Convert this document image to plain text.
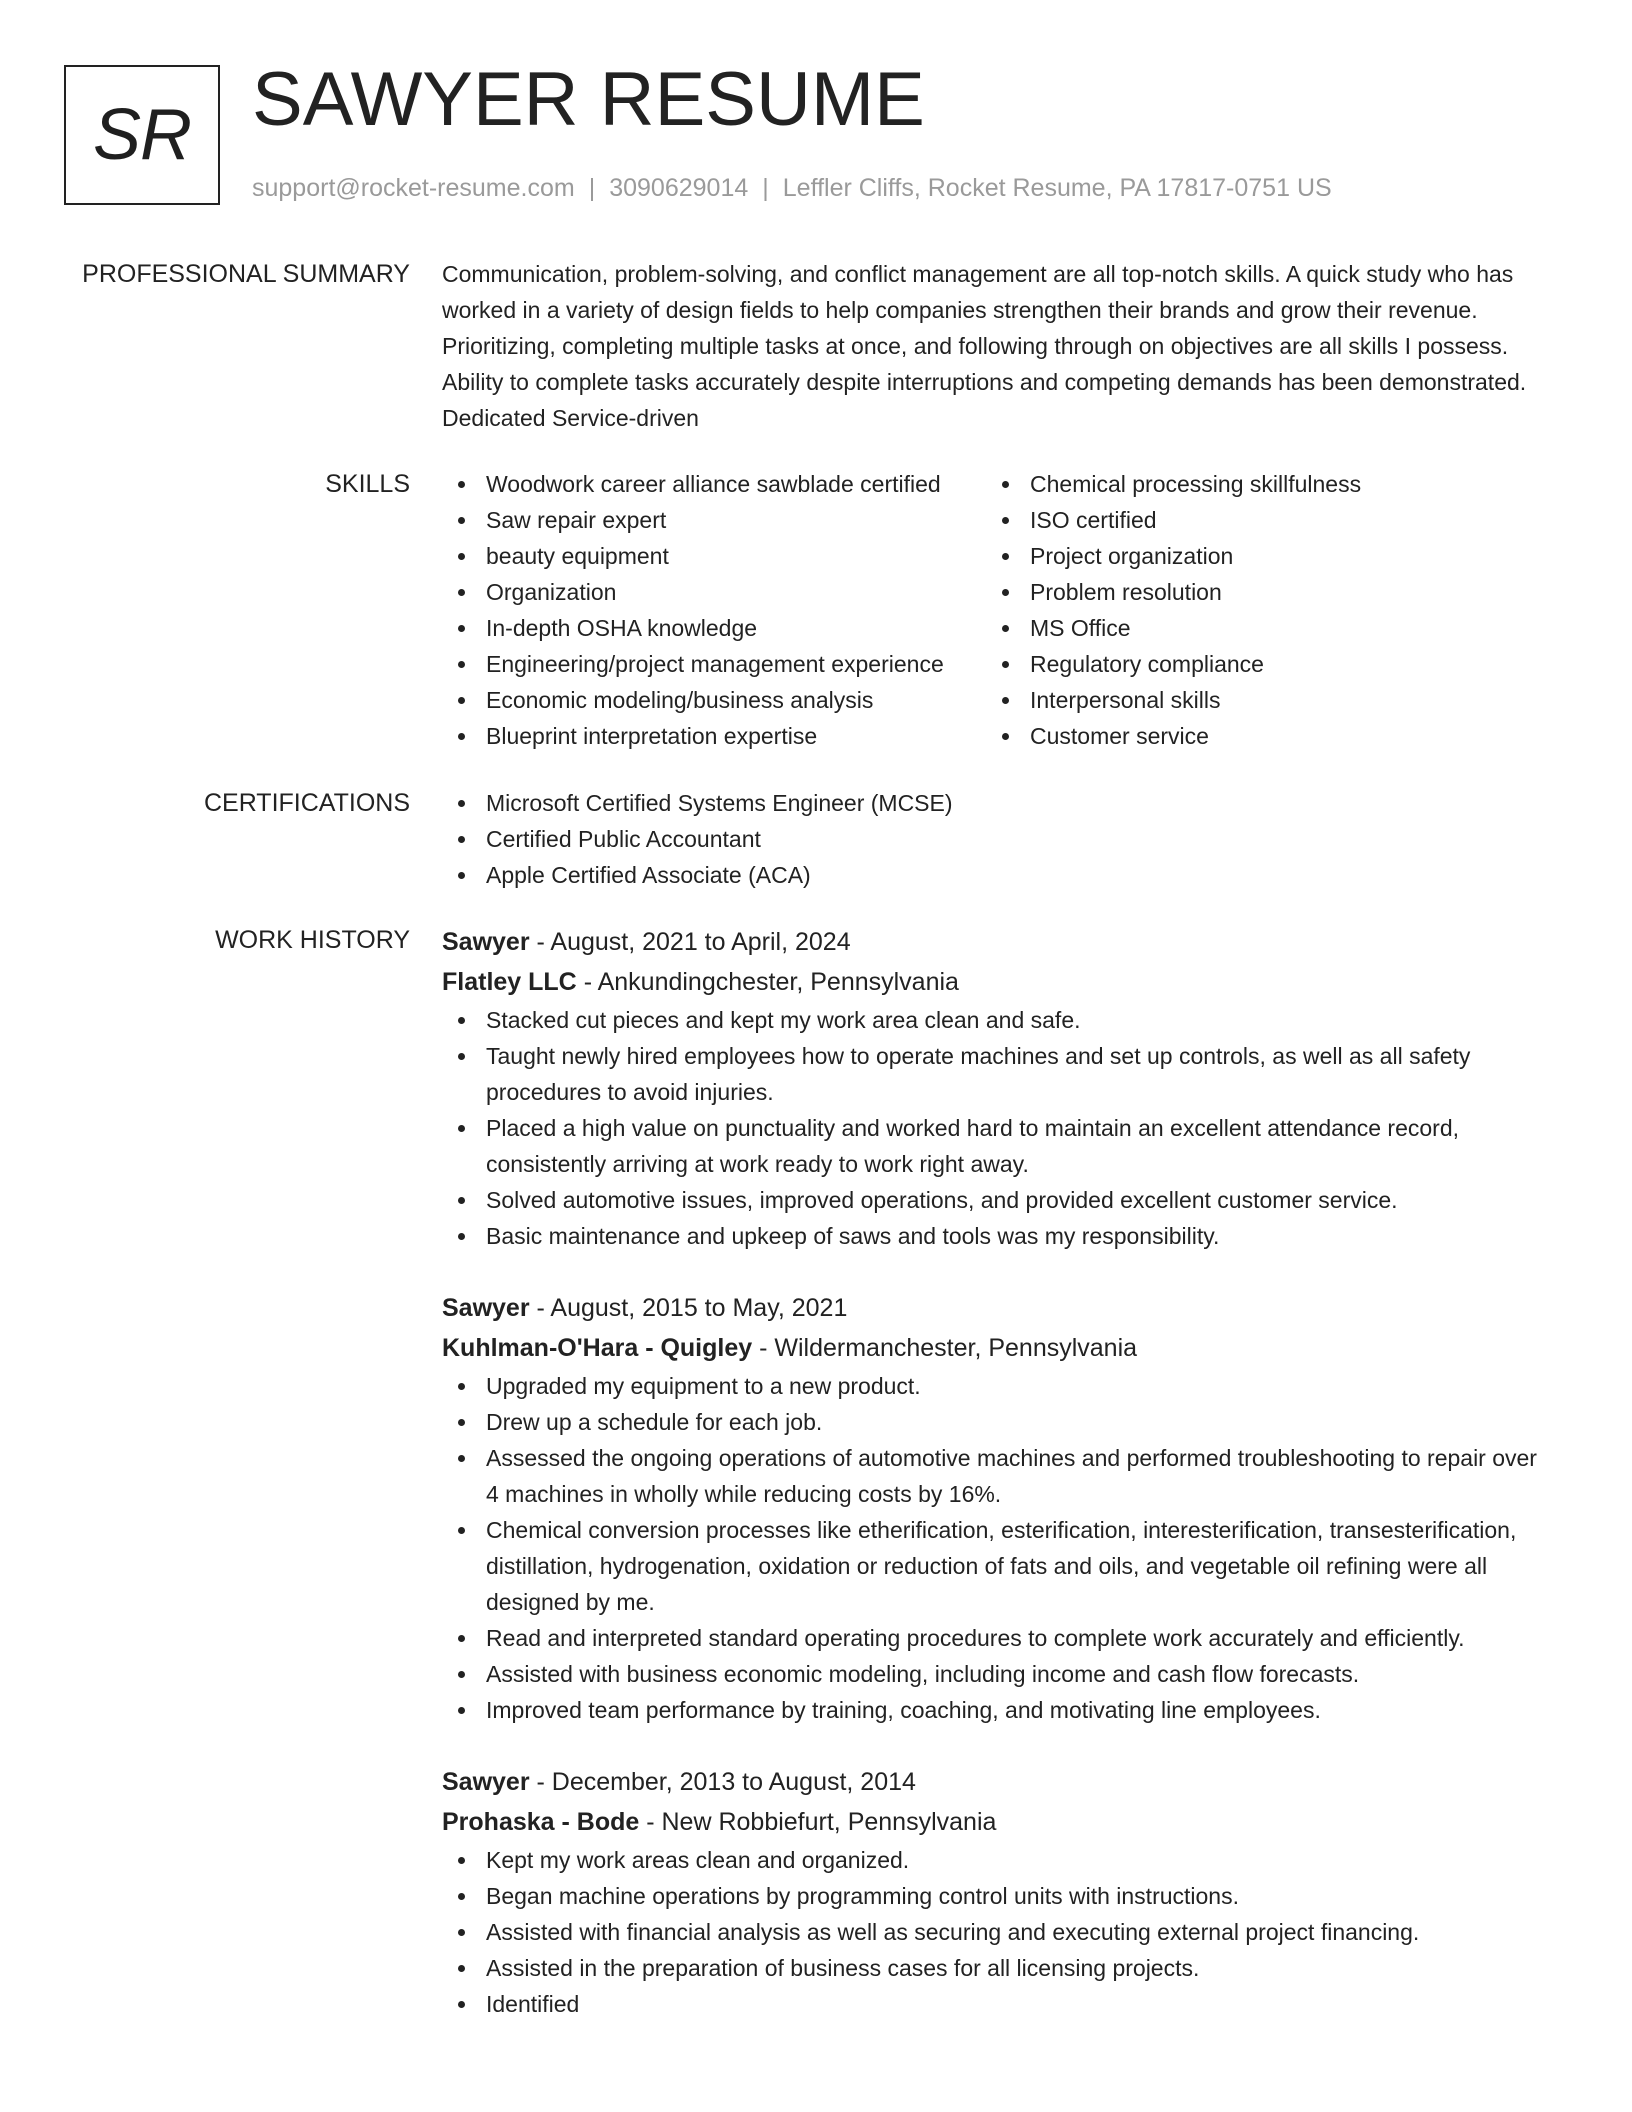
SR SAWYER RESUME
support@rocket-resume.com | 3090629014 | Leffler Cliffs, Rocket Resume, PA 17817-0751 US
PROFESSIONAL SUMMARY Communication, problem-solving, and conflict management are all top-notch skills. A quick study who has worked in a variety of design fields to help companies strengthen their brands and grow their revenue. Prioritizing, completing multiple tasks at once, and following through on objectives are all skills I possess. Ability to complete tasks accurately despite interruptions and competing demands has been demonstrated. Dedicated Service-driven
SKILLS	Woodwork career alliance sawblade certified
Saw repair expert
beauty equipment
Organization
In-depth OSHA knowledge
Engineering/project management experience
Economic modeling/business analysis
Blueprint interpretation expertise
Chemical processing skillfulness
ISO certified
Project organization
Problem resolution
MS Office
Regulatory compliance
Interpersonal skills
Customer service
CERTIFICATIONS	Microsoft Certified Systems Engineer (MCSE)
Certified Public Accountant
Apple Certified Associate (ACA)
WORK HISTORY Sawyer - August, 2021 to April, 2024
Flatley LLC - Ankundingchester, Pennsylvania
Stacked cut pieces and kept my work area clean and safe.
Taught newly hired employees how to operate machines and set up controls, as well as all safety procedures to avoid injuries.
Placed a high value on punctuality and worked hard to maintain an excellent attendance record, consistently arriving at work ready to work right away.
Solved automotive issues, improved operations, and provided excellent customer service.
Basic maintenance and upkeep of saws and tools was my responsibility.
Sawyer - August, 2015 to May, 2021
Kuhlman-O'Hara - Quigley - Wildermanchester, Pennsylvania
Upgraded my equipment to a new product.
Drew up a schedule for each job.
Assessed the ongoing operations of automotive machines and performed troubleshooting to repair over 4 machines in wholly while reducing costs by 16%.
Chemical conversion processes like etherification, esterification, interesterification, transesterification, distillation, hydrogenation, oxidation or reduction of fats and oils, and vegetable oil refining were all designed by me.
Read and interpreted standard operating procedures to complete work accurately and efficiently.
Assisted with business economic modeling, including income and cash flow forecasts.
Improved team performance by training, coaching, and motivating line employees.
Sawyer - December, 2013 to August, 2014
Prohaska - Bode - New Robbiefurt, Pennsylvania
Kept my work areas clean and organized.
Began machine operations by programming control units with instructions.
Assisted with financial analysis as well as securing and executing external project financing.
Assisted in the preparation of business cases for all licensing projects.
Identified
